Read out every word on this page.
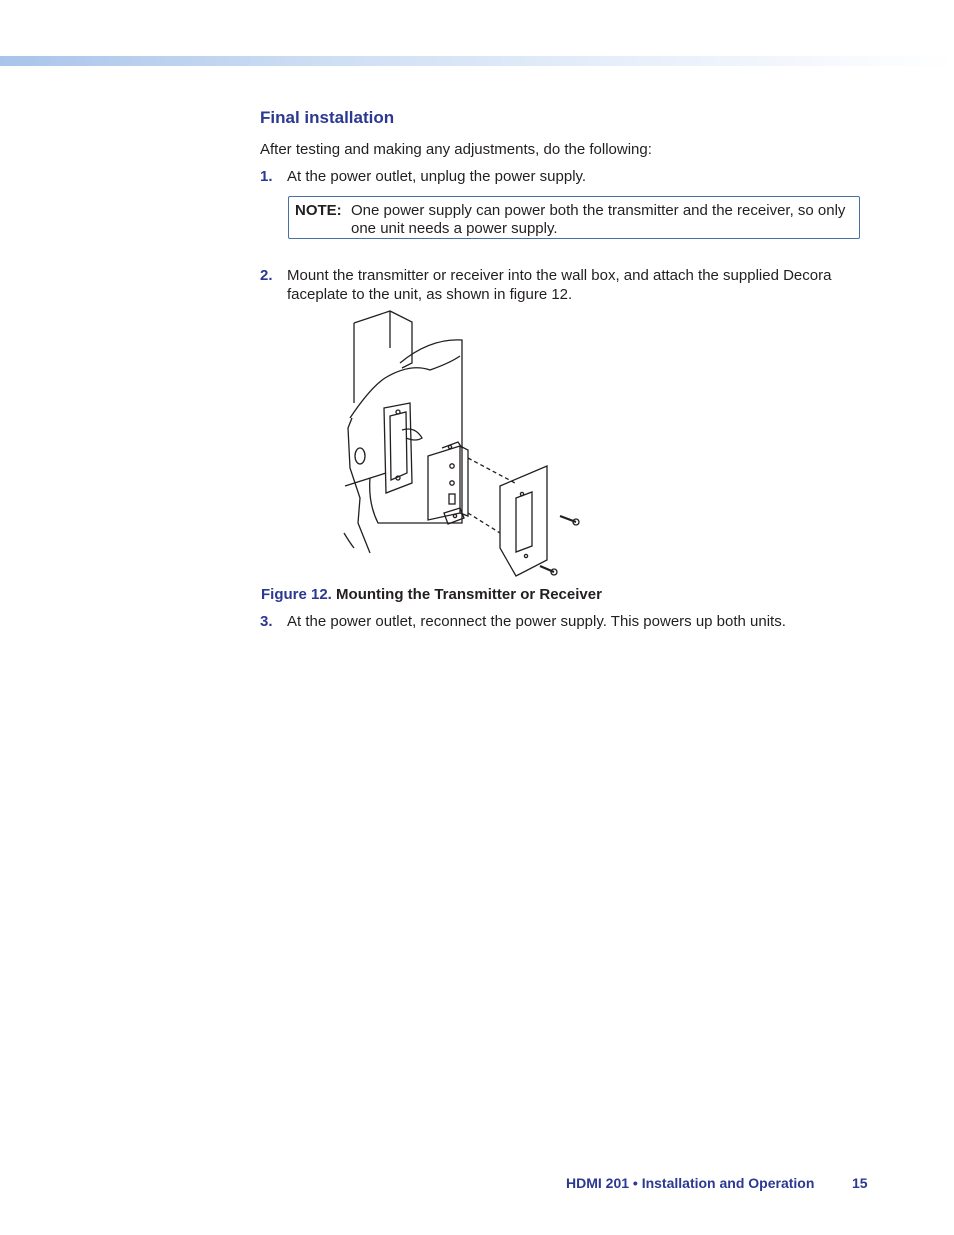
Final installation

After testing and making any adjustments, do the following:

1. At the power outlet, unplug the power supply.
NOTE: One power supply can power both the transmitter and the receiver, so only one unit needs a power supply.
2. Mount the transmitter or receiver into the wall box, and attach the supplied Decora faceplate to the unit, as shown in figure 12.
Figure 12. Mounting the Transmitter or Receiver
3. At the power outlet, reconnect the power supply. This powers up both units.
HDMI 201 • Installation and Operation	15
